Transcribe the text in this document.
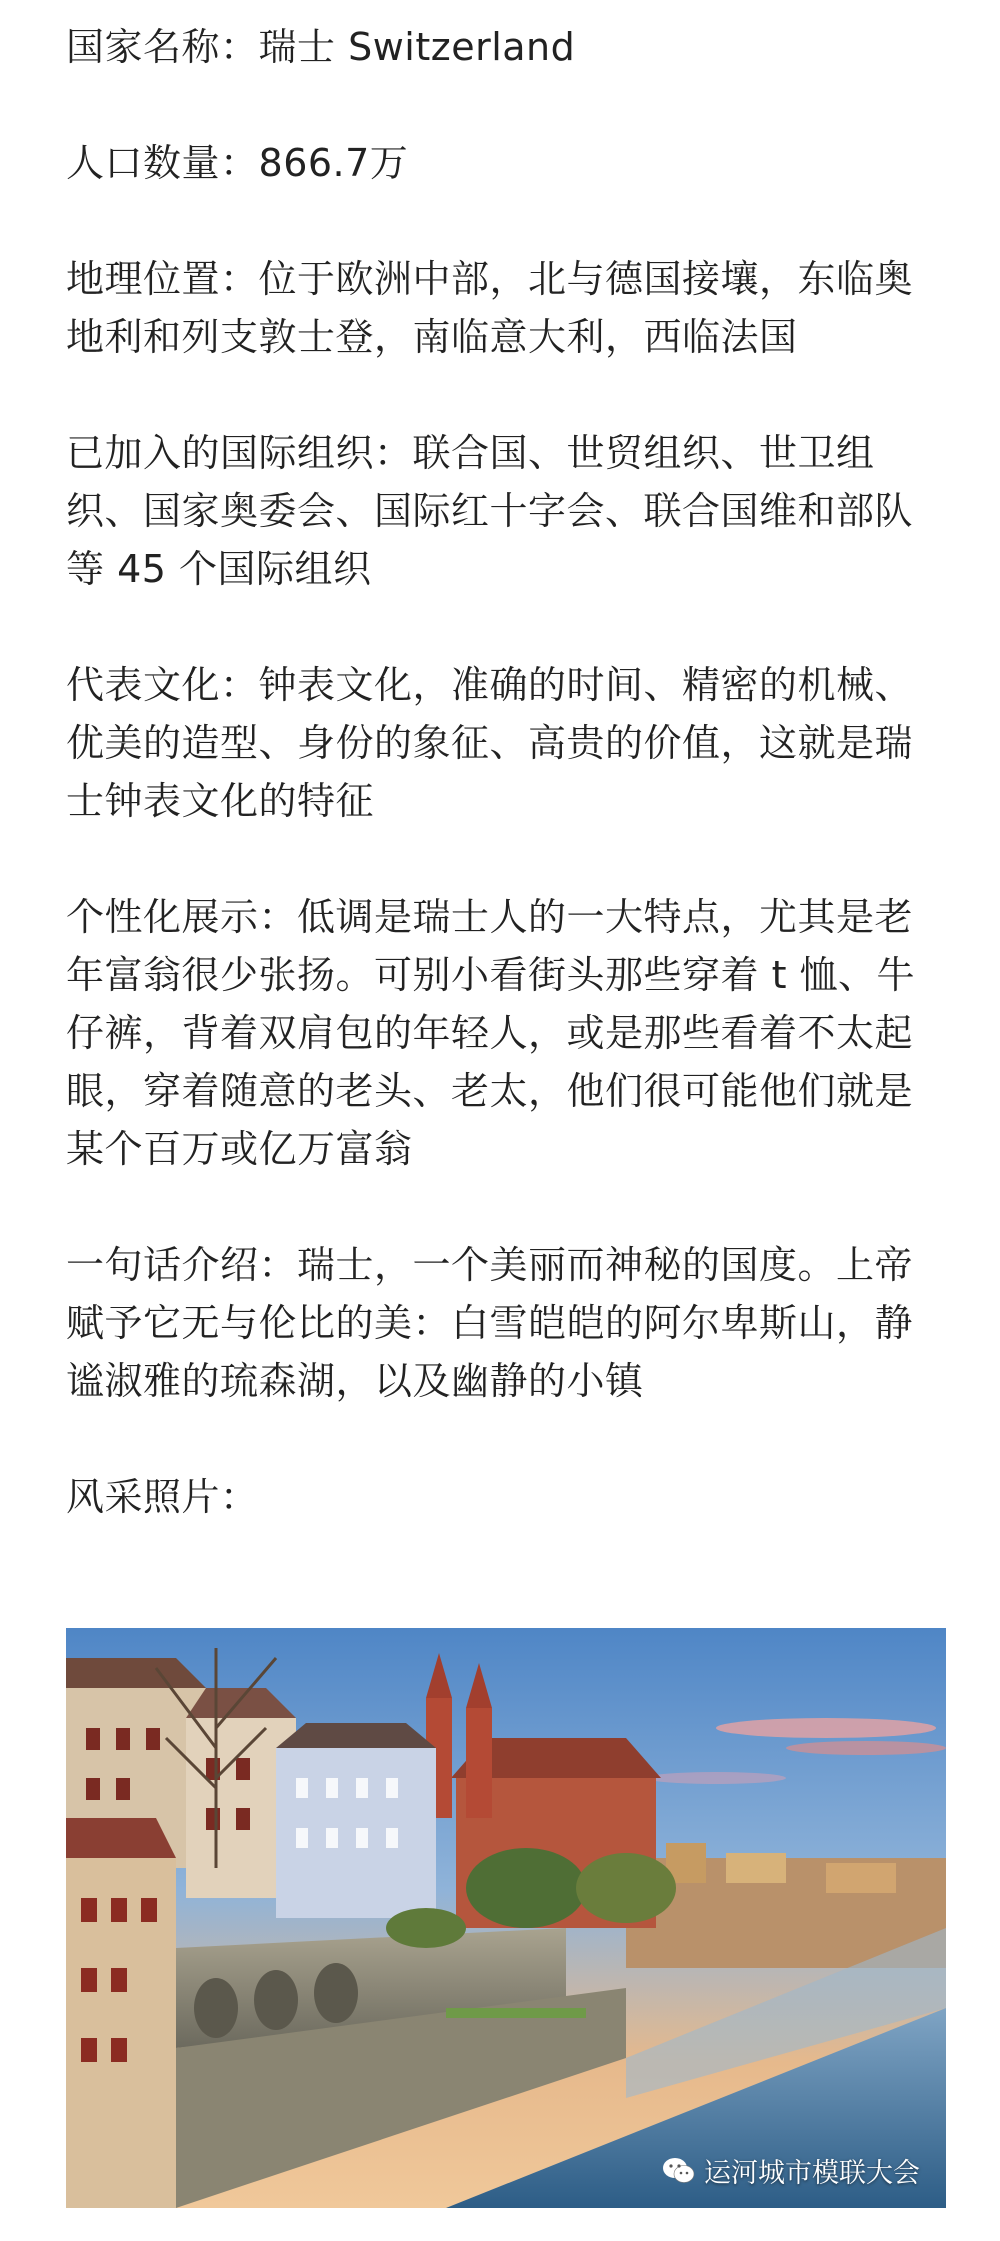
国家名称：瑞士 Switzerland

人口数量：866.7万

地理位置：位于欧洲中部，北与德国接壤，东临奥地利和列支敦士登，南临意大利，西临法国

已加入的国际组织：联合国、世贸组织、世卫组织、国家奥委会、国际红十字会、联合国维和部队等 45 个国际组织

代表文化：钟表文化，准确的时间、精密的机械、优美的造型、身份的象征、高贵的价值，这就是瑞士钟表文化的特征

个性化展示：低调是瑞士人的一大特点，尤其是老年富翁很少张扬。可别小看街头那些穿着 t 恤、牛仔裤，背着双肩包的年轻人，或是那些看着不太起眼，穿着随意的老头、老太，他们很可能他们就是某个百万或亿万富翁

一句话介绍：瑞士，一个美丽而神秘的国度。上帝赋予它无与伦比的美：白雪皑皑的阿尔卑斯山，静谧淑雅的琉森湖，以及幽静的小镇

风采照片：

运河城市模联大会
